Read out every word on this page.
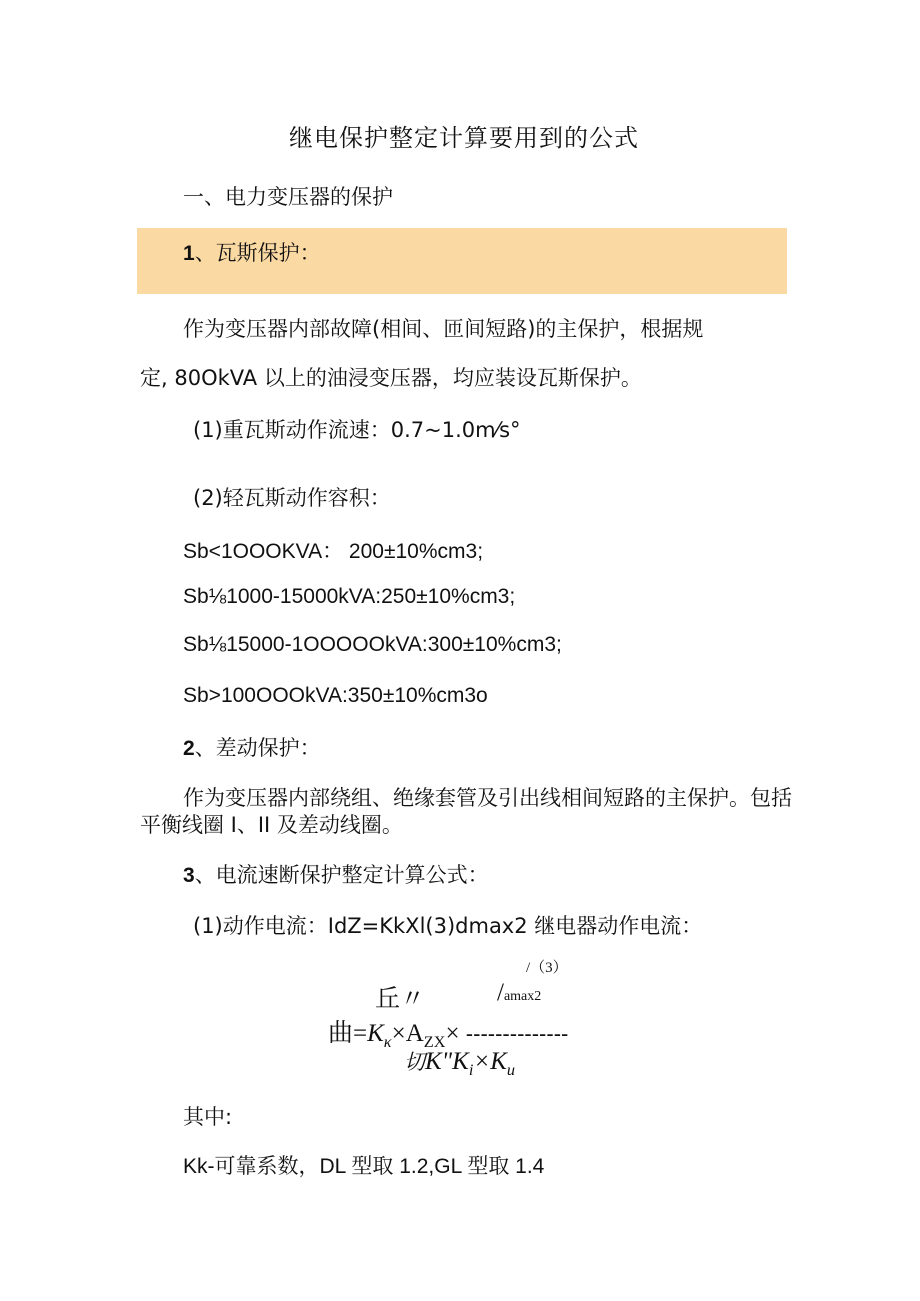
继电保护整定计算要用到的公式
一、电力变压器的保护
1、瓦斯保护：
作为变压器内部故障(相间、匝间短路)的主保护，根据规
定, 80OkVA 以上的油浸变压器，均应装设瓦斯保护。
(1)重瓦斯动作流速：0.7~1.0m⁄s°
(2)轻瓦斯动作容积：
Sb<1OOOKVA： 200±10%cm3;
Sb⅛1000-15000kVA:250±10%cm3;
Sb⅛15000-1OOOOOkVA:300±10%cm3;
Sb>100OOOkVA:350±10%cm3o
2、差动保护：
作为变压器内部绕组、绝缘套管及引出线相间短路的主保护。包括
平衡线圈 I、II 及差动线圈。
3、电流速断保护整定计算公式：
(1)动作电流：IdZ=KkXl(3)dmax2 继电器动作电流：
/（3）
丘〃	/amax2
曲$=K_\kappa\times A_{ZX}\times$ --------------
切$K"K_i\times K_u$
其中:
Kk-可靠系数，DL 型取 1.2,GL 型取 1.4
